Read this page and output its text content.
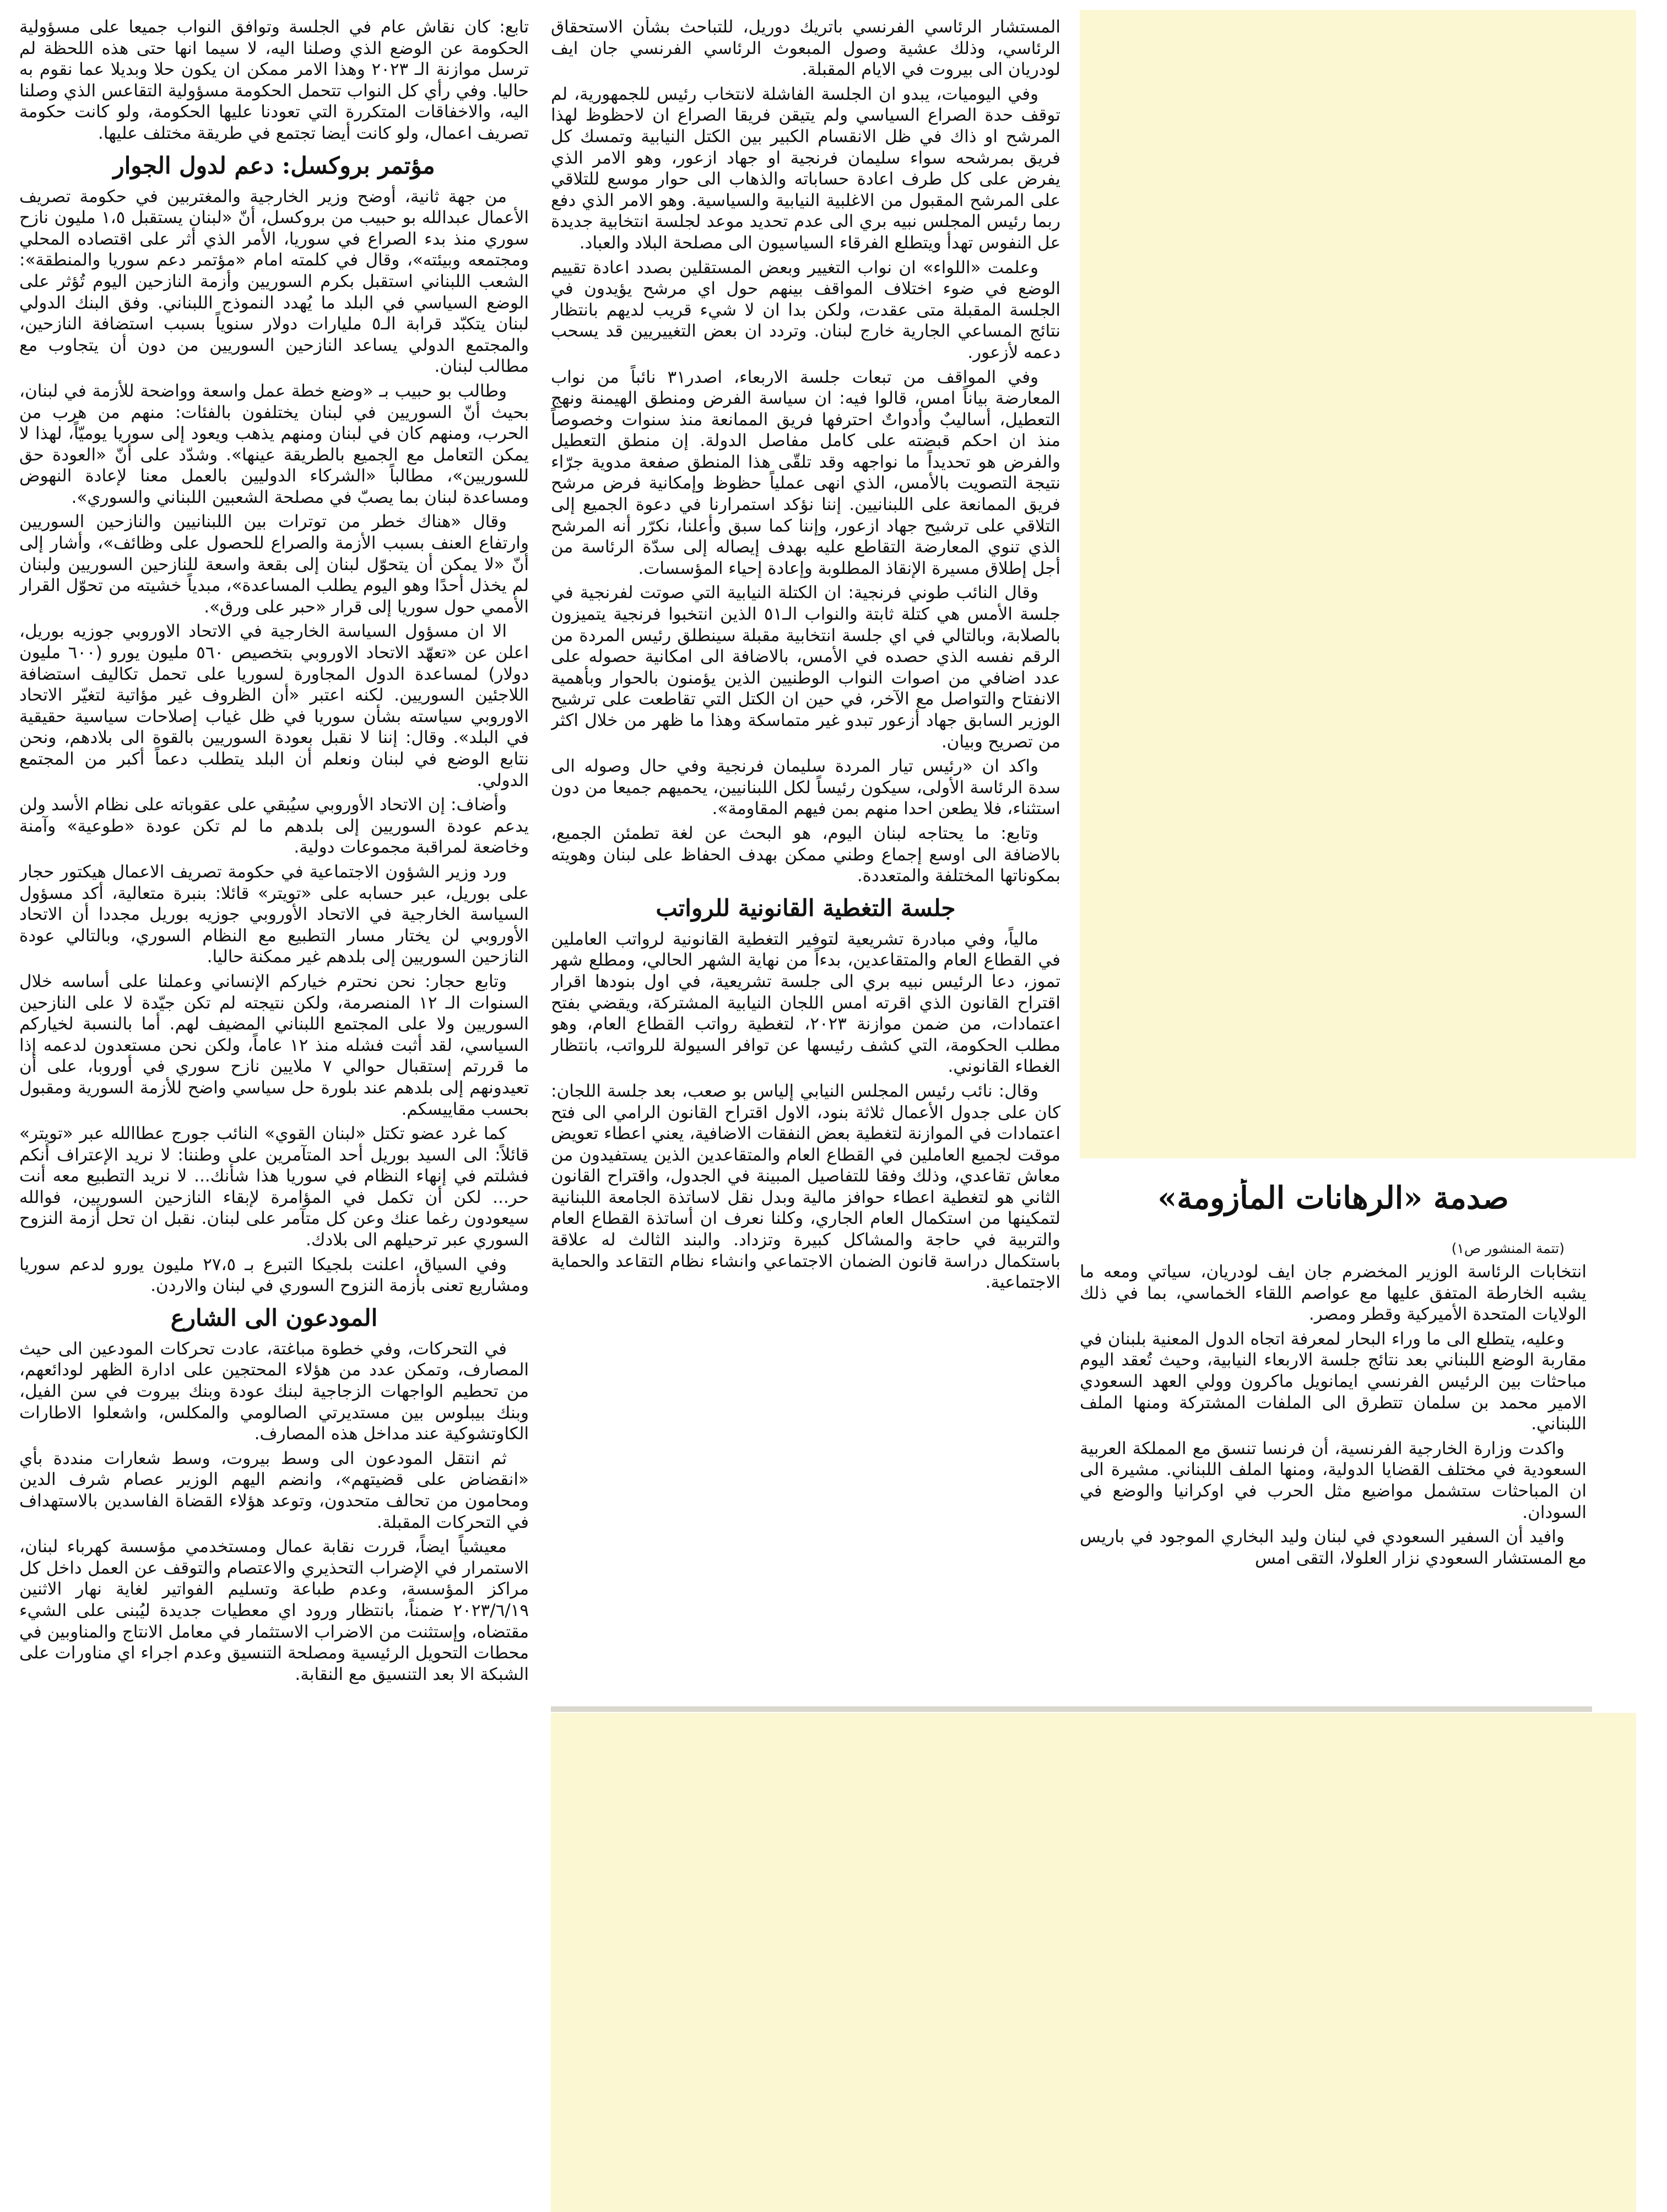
صدمة «الرهانات المأزومة»

(تتمة المنشور ص١)

انتخابات الرئاسة الوزير المخضرم جان ايف لودريان، سياتي ومعه ما يشبه الخارطة المتفق عليها مع عواصم اللقاء الخماسي، بما في ذلك الولايات المتحدة الأميركية وقطر ومصر.

وعليه، يتطلع الى ما وراء البحار لمعرفة اتجاه الدول المعنية بلبنان في مقاربة الوضع اللبناني بعد نتائج جلسة الاربعاء النيابية، وحيث تُعقد اليوم مباحثات بين الرئيس الفرنسي ايمانويل ماكرون وولي العهد السعودي الامير محمد بن سلمان تتطرق الى الملفات المشتركة ومنها الملف اللبناني.

واكدت وزارة الخارجية الفرنسية، أن فرنسا تنسق مع المملكة العربية السعودية في مختلف القضايا الدولية، ومنها الملف اللبناني. مشيرة الى ان المباحثات ستشمل مواضيع مثل الحرب في اوكرانيا والوضع في السودان.

وافيد أن السفير السعودي في لبنان وليد البخاري الموجود في باريس مع المستشار السعودي نزار العلولا، التقى امس

المستشار الرئاسي الفرنسي باتريك دوريل، للتباحث بشأن الاستحقاق الرئاسي، وذلك عشية وصول المبعوث الرئاسي الفرنسي جان ايف لودريان الى بيروت في الايام المقبلة.

وفي اليوميات، يبدو ان الجلسة الفاشلة لانتخاب رئيس للجمهورية، لم توقف حدة الصراع السياسي ولم يتيقن فريقا الصراع ان لاحظوظ لهذا المرشح او ذاك في ظل الانقسام الكبير بين الكتل النيابية وتمسك كل فريق بمرشحه سواء سليمان فرنجية او جهاد ازعور، وهو الامر الذي يفرض على كل طرف اعادة حساباته والذهاب الى حوار موسع للتلاقي على المرشح المقبول من الاغلبية النيابية والسياسية. وهو الامر الذي دفع ربما رئيس المجلس نبيه بري الى عدم تحديد موعد لجلسة انتخابية جديدة عل النفوس تهدأ ويتطلع الفرقاء السياسيون الى مصلحة البلاد والعباد.

وعلمت «اللواء» ان نواب التغيير وبعض المستقلين بصدد اعادة تقييم الوضع في ضوء اختلاف المواقف بينهم حول اي مرشح يؤيدون في الجلسة المقبلة متى عقدت، ولكن بدا ان لا شيء قريب لديهم بانتظار نتائج المساعي الجارية خارج لبنان. وتردد ان بعض التغييريين قد يسحب دعمه لأزعور.

وفي المواقف من تبعات جلسة الاربعاء، اصدر٣١ نائباً من نواب المعارضة بياناً امس، قالوا فيه: ان سياسة الفرض ومنطق الهيمنة ونهج التعطيل، أساليبٌ وأدواتٌ احترفها فريق الممانعة منذ سنوات وخصوصاً منذ ان احكم قبضته على كامل مفاصل الدولة. إن منطق التعطيل والفرض هو تحديداً ما نواجهه وقد تلقّى هذا المنطق صفعة مدوية جرّاء نتيجة التصويت بالأمس، الذي انهى عملياً حظوظ وإمكانية فرض مرشح فريق الممانعة على اللبنانيين. إننا نؤكد استمرارنا في دعوة الجميع إلى التلاقي على ترشيح جهاد ازعور، وإننا كما سبق وأعلنا، نكرّر أنه المرشح الذي تنوي المعارضة التقاطع عليه بهدف إيصاله إلى سدّة الرئاسة من أجل إطلاق مسيرة الإنقاذ المطلوبة وإعادة إحياء المؤسسات.

وقال النائب طوني فرنجية: ان الكتلة النيابية التي صوتت لفرنجية في جلسة الأمس هي كتلة ثابتة والنواب الـ٥١ الذين انتخبوا فرنجية يتميزون بالصلابة، وبالتالي في اي جلسة انتخابية مقبلة سينطلق رئيس المردة من الرقم نفسه الذي حصده في الأمس، بالاضافة الى امكانية حصوله على عدد اضافي من اصوات النواب الوطنيين الذين يؤمنون بالحوار وبأهمية الانفتاح والتواصل مع الآخر، في حين ان الكتل التي تقاطعت على ترشيح الوزير السابق جهاد أزعور تبدو غير متماسكة وهذا ما ظهر من خلال اكثر من تصريح وبيان.

واكد ان «رئيس تيار المردة سليمان فرنجية وفي حال وصوله الى سدة الرئاسة الأولى، سيكون رئيساً لكل اللبنانيين، يحميهم جميعا من دون استثناء، فلا يطعن احدا منهم بمن فيهم المقاومة».

وتابع: ما يحتاجه لبنان اليوم، هو البحث عن لغة تطمئن الجميع، بالاضافة الى اوسع إجماع وطني ممكن بهدف الحفاظ على لبنان وهويته بمكوناتها المختلفة والمتعددة.

جلسة التغطية القانونية للرواتب

مالياً، وفي مبادرة تشريعية لتوفير التغطية القانونية لرواتب العاملين في القطاع العام والمتقاعدين، بدءاً من نهاية الشهر الحالي، ومطلع شهر تموز، دعا الرئيس نبيه بري الى جلسة تشريعية، في اول بنودها اقرار اقتراح القانون الذي اقرته امس اللجان النيابية المشتركة، ويقضي بفتح اعتمادات، من ضمن موازنة ٢٠٢٣، لتغطية رواتب القطاع العام، وهو مطلب الحكومة، التي كشف رئيسها عن توافر السيولة للرواتب، بانتظار الغطاء القانوني.

وقال: نائب رئيس المجلس النيابي إلياس بو صعب، بعد جلسة اللجان: كان على جدول الأعمال ثلاثة بنود، الاول اقتراح القانون الرامي الى فتح اعتمادات في الموازنة لتغطية بعض النفقات الاضافية، يعني اعطاء تعويض موقت لجميع العاملين في القطاع العام والمتقاعدين الذين يستفيدون من معاش تقاعدي، وذلك وفقا للتفاصيل المبينة في الجدول، واقتراح القانون الثاني هو لتغطية اعطاء حوافز مالية وبدل نقل لاساتذة الجامعة اللبنانية لتمكينها من استكمال العام الجاري، وكلنا نعرف ان أساتذة القطاع العام والتربية في حاجة والمشاكل كبيرة وتزداد. والبند الثالث له علاقة باستكمال دراسة قانون الضمان الاجتماعي وانشاء نظام التقاعد والحماية الاجتماعية.

تابع: كان نقاش عام في الجلسة وتوافق النواب جميعا على مسؤولية الحكومة عن الوضع الذي وصلنا اليه، لا سيما انها حتى هذه اللحظة لم ترسل موازنة الـ ٢٠٢٣ وهذا الامر ممكن ان يكون حلا وبديلا عما نقوم به حاليا. وفي رأي كل النواب تتحمل الحكومة مسؤولية التقاعس الذي وصلنا اليه، والاخفاقات المتكررة التي تعودنا عليها الحكومة، ولو كانت حكومة تصريف اعمال، ولو كانت أيضا تجتمع في طريقة مختلف عليها.

مؤتمر بروكسل: دعم لدول الجوار

من جهة ثانية، أوضح وزير الخارجية والمغتربين في حكومة تصريف الأعمال عبدالله بو حبيب من بروكسل، أنّ «لبنان يستقبل ١،٥ مليون نازح سوري منذ بدء الصراع في سوريا، الأمر الذي أثر على اقتصاده المحلي ومجتمعه وبيئته»، وقال في كلمته امام «مؤتمر دعم سوريا والمنطقة»: الشعب اللبناني استقبل بكرم السوريين وأزمة النازحين اليوم تُؤثر على الوضع السياسي في البلد ما يُهدد النموذج اللبناني. وفق البنك الدولي لبنان يتكبّد قرابة الـ٥ مليارات دولار سنوياً بسبب استضافة النازحين، والمجتمع الدولي يساعد النازحين السوريين من دون أن يتجاوب مع مطالب لبنان.

وطالب بو حبيب بـ «وضع خطة عمل واسعة وواضحة للأزمة في لبنان، بحيث أنّ السوريين في لبنان يختلفون بالفئات: منهم من هرب من الحرب، ومنهم كان في لبنان ومنهم يذهب ويعود إلى سوريا يوميّاً، لهذا لا يمكن التعامل مع الجميع بالطريقة عينها». وشدّد على أنّ «العودة حق للسوريين»، مطالباً «الشركاء الدوليين بالعمل معنا لإعادة النهوض ومساعدة لبنان بما يصبّ في مصلحة الشعبين اللبناني والسوري».

وقال «هناك خطر من توترات بين اللبنانيين والنازحين السوريين وارتفاع العنف بسبب الأزمة والصراع للحصول على وظائف»، وأشار إلى أنّ «لا يمكن أن يتحوّل لبنان إلى بقعة واسعة للنازحين السوريين ولبنان لم يخذل أحدًا وهو اليوم يطلب المساعدة»، مبدياً خشيته من تحوّل القرار الأممي حول سوريا إلى قرار «حبر على ورق».

الا ان مسؤول السياسة الخارجية في الاتحاد الاوروبي جوزيه بوريل، اعلن عن «تعهّد الاتحاد الاوروبي بتخصيص ٥٦٠ مليون يورو (٦٠٠ مليون دولار) لمساعدة الدول المجاورة لسوريا على تحمل تكاليف استضافة اللاجئين السوريين. لكنه اعتبر «أن الظروف غير مؤاتية لتغيّر الاتحاد الاوروبي سياسته بشأن سوريا في ظل غياب إصلاحات سياسية حقيقية في البلد». وقال: إننا لا نقبل بعودة السوريين بالقوة الى بلادهم، ونحن نتابع الوضع في لبنان ونعلم أن البلد يتطلب دعماً أكبر من المجتمع الدولي.

وأضاف: إن الاتحاد الأوروبي سيُبقي على عقوباته على نظام الأسد ولن يدعم عودة السوريين إلى بلدهم ما لم تكن عودة «طوعية» وآمنة وخاضعة لمراقبة مجموعات دولية.

ورد وزير الشؤون الاجتماعية في حكومة تصريف الاعمال هيكتور حجار على بوريل، عبر حسابه على «تويتر» قائلا: بنبرة متعالية، أكد مسؤول السياسة الخارجية في الاتحاد الأوروبي جوزيه بوريل مجددا أن الاتحاد الأوروبي لن يختار مسار التطبيع مع النظام السوري، وبالتالي عودة النازحين السوريين إلى بلدهم غير ممكنة حاليا.

وتابع حجار: نحن نحترم خياركم الإنساني وعملنا على أساسه خلال السنوات الـ ١٢ المنصرمة، ولكن نتيجته لم تكن جيّدة لا على النازحين السوريين ولا على المجتمع اللبناني المضيف لهم. أما بالنسبة لخياركم السياسي، لقد أثبت فشله منذ ١٢ عاماً، ولكن نحن مستعدون لدعمه إذا ما قررتم إستقبال حوالي ٧ ملايين نازح سوري في أوروبا، على أن تعيدونهم إلى بلدهم عند بلورة حل سياسي واضح للأزمة السورية ومقبول بحسب مقاييسكم.

كما غرد عضو تكتل «لبنان القوي» النائب جورج عطاالله عبر «تويتر» قائلاً: الى السيد بوريل أحد المتآمرين على وطننا: لا نريد الإعتراف أنكم فشلتم في إنهاء النظام في سوريا هذا شأنك... لا نريد التطبيع معه أنت حر... لكن أن تكمل في المؤامرة لإبقاء النازحين السوريين، فوالله سيعودون رغما عنك وعن كل متآمر على لبنان. نقبل ان تحل أزمة النزوح السوري عبر ترحيلهم الى بلادك.

وفي السياق، اعلنت بلجيكا التبرع بـ ٢٧،٥ مليون يورو لدعم سوريا ومشاريع تعنى بأزمة النزوح السوري في لبنان والاردن.

المودعون الى الشارع

في التحركات، وفي خطوة مباغتة، عادت تحركات المودعين الى حيث المصارف، وتمكن عدد من هؤلاء المحتجين على ادارة الظهر لودائعهم، من تحطيم الواجهات الزجاجية لبنك عودة وبنك بيروت في سن الفيل، وبنك بيبلوس بين مستديرتي الصالومي والمكلس، واشعلوا الاطارات الكاوتشوكية عند مداخل هذه المصارف.

ثم انتقل المودعون الى وسط بيروت، وسط شعارات منددة بأي «انقضاض على قضيتهم»، وانضم اليهم الوزير عصام شرف الدين ومحامون من تحالف متحدون، وتوعد هؤلاء القضاة الفاسدين بالاستهداف في التحركات المقبلة.

معيشياً ايضاً، قررت نقابة عمال ومستخدمي مؤسسة كهرباء لبنان، الاستمرار في الإضراب التحذيري والاعتصام والتوقف عن العمل داخل كل مراكز المؤسسة، وعدم طباعة وتسليم الفواتير لغاية نهار الاثنين ٢٠٢٣/٦/١٩ ضمناً، بانتظار ورود اي معطيات جديدة ليُبنى على الشيء مقتضاه، وإستثنت من الاضراب الاستثمار في معامل الانتاج والمناوبين في محطات التحويل الرئيسية ومصلحة التنسيق وعدم اجراء اي مناورات على الشبكة الا بعد التنسيق مع النقابة.
